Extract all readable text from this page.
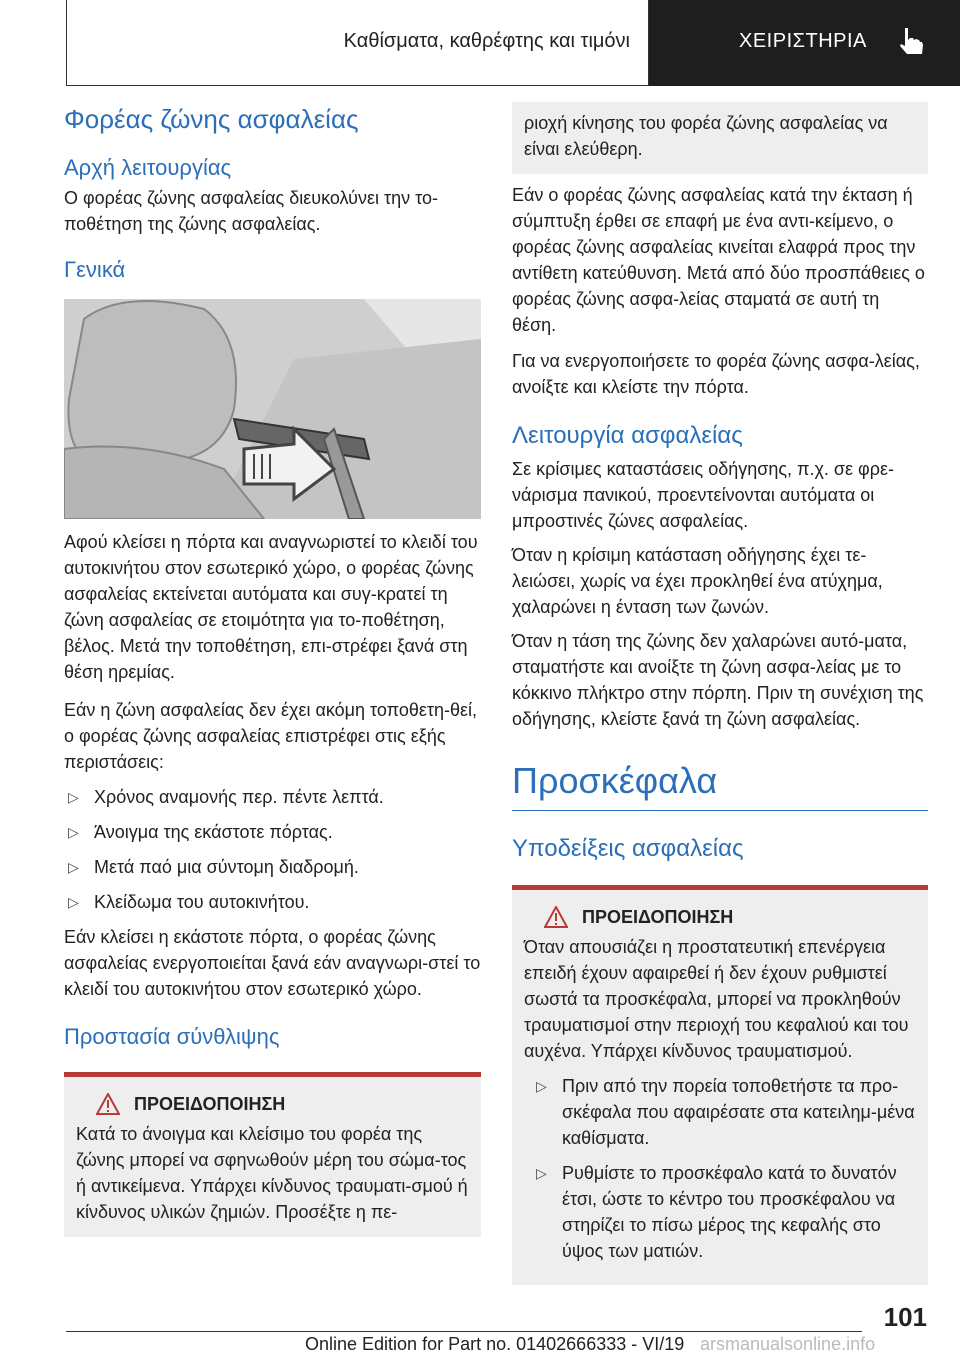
Καθίσματα, καθρέφτης και τιμόνι	ΧΕΙΡΙΣΤΗΡΙΑ
Φορέας ζώνης ασφαλείας
Αρχή λειτουργίας

Ο φορέας ζώνης ασφαλείας διευκολύνει την το-ποθέτηση της ζώνης ασφαλείας.

Γενικά

Αφού κλείσει η πόρτα και αναγνωριστεί το κλειδί του αυτοκινήτου στον εσωτερικό χώρο, ο φορέας ζώνης ασφαλείας εκτείνεται αυτόματα και συγ-κρατεί τη ζώνη ασφαλείας σε ετοιμότητα για το-ποθέτηση, βέλος. Μετά την τοποθέτηση, επι-στρέφει ξανά στη θέση ηρεμίας.

Εάν η ζώνη ασφαλείας δεν έχει ακόμη τοποθετη-θεί, ο φορέας ζώνης ασφαλείας επιστρέφει στις εξής περιστάσεις:

▷ Χρόνος αναμονής περ. πέντε λεπτά.
▷ Άνοιγμα της εκάστοτε πόρτας.
▷ Μετά παό μια σύντομη διαδρομή.
▷ Κλείδωμα του αυτοκινήτου.

Εάν κλείσει η εκάστοτε πόρτα, ο φορέας ζώνης ασφαλείας ενεργοποιείται ξανά εάν αναγνωρι-στεί το κλειδί του αυτοκινήτου στον εσωτερικό χώρο.

Προστασία σύνθλιψης
ΠΡΟΕΙΔΟΠΟΙΗΣΗ

Κατά το άνοιγμα και κλείσιμο του φορέα της ζώνης μπορεί να σφηνωθούν μέρη του σώμα-τος ή αντικείμενα. Υπάρχει κίνδυνος τραυματι-σμού ή κίνδυνος υλικών ζημιών. Προσέξτε η πε-

ριοχή κίνησης του φορέα ζώνης ασφαλείας να είναι ελεύθερη.

Εάν ο φορέας ζώνης ασφαλείας κατά την έκταση ή σύμπτυξη έρθει σε επαφή με ένα αντι-κείμενο, ο φορέας ζώνης ασφαλείας κινείται ελαφρά προς την αντίθετη κατεύθυνση. Μετά από δύο προσπάθειες ο φορέας ζώνης ασφα-λείας σταματά σε αυτή τη θέση.

Για να ενεργοποιήσετε το φορέα ζώνης ασφα-λείας, ανοίξτε και κλείστε την πόρτα.

Λειτουργία ασφαλείας

Σε κρίσιμες καταστάσεις οδήγησης, π.χ. σε φρε-νάρισμα πανικού, προεντείνονται αυτόματα οι μπροστινές ζώνες ασφαλείας.

Όταν η κρίσιμη κατάσταση οδήγησης έχει τε-λειώσει, χωρίς να έχει προκληθεί ένα ατύχημα, χαλαρώνει η ένταση των ζωνών.

Όταν η τάση της ζώνης δεν χαλαρώνει αυτό-ματα, σταματήστε και ανοίξτε τη ζώνη ασφα-λείας με το κόκκινο πλήκτρο στην πόρπη. Πριν τη συνέχιση της οδήγησης, κλείστε ξανά τη ζώνη ασφαλείας.

Προσκέφαλα
Υποδείξεις ασφαλείας
ΠΡΟΕΙΔΟΠΟΙΗΣΗ

Όταν απουσιάζει η προστατευτική επενέργεια επειδή έχουν αφαιρεθεί ή δεν έχουν ρυθμιστεί σωστά τα προσκέφαλα, μπορεί να προκληθούν τραυματισμοί στην περιοχή του κεφαλιού και του αυχένα. Υπάρχει κίνδυνος τραυματισμού.

▷ Πριν από την πορεία τοποθετήστε τα προ-σκέφαλα που αφαιρέσατε στα κατειλημ-μένα καθίσματα.
▷ Ρυθμίστε το προσκέφαλο κατά το δυνατόν έτσι, ώστε το κέντρο του προσκέφαλου να στηρίζει το πίσω μέρος της κεφαλής στο ύψος των ματιών.
101
Online Edition for Part no. 01402666333 - VI/19 arsmanualsonline.info
